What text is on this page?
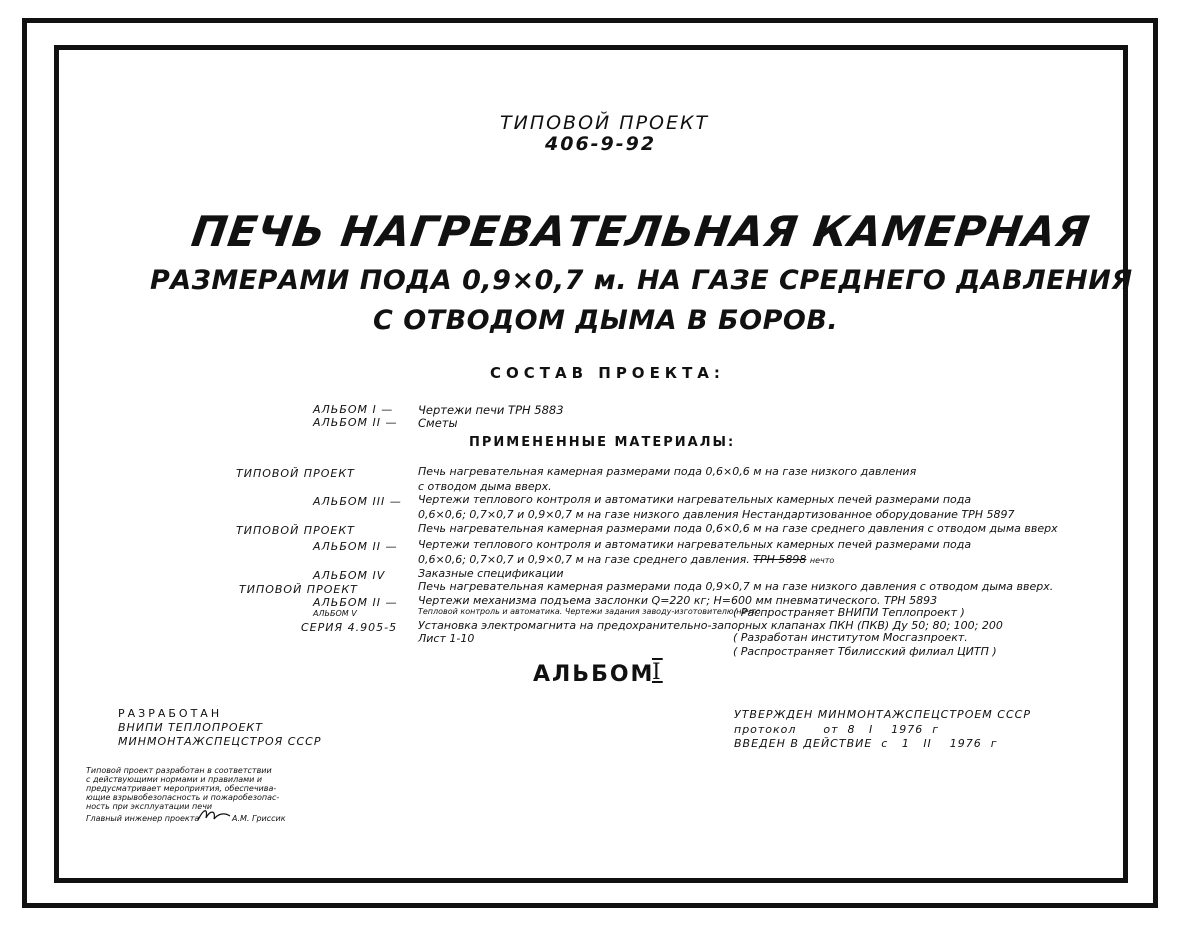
ТИПОВОЙ ПРОЕКТ
406-9-92
ПЕЧЬ НАГРЕВАТЕЛЬНАЯ КАМЕРНАЯ
РАЗМЕРАМИ ПОДА 0,9×0,7 м. НА ГАЗЕ СРЕДНЕГО ДАВЛЕНИЯ
С ОТВОДОМ ДЫМА В БОРОВ.
СОСТАВ ПРОЕКТА:
АЛЬБОМ I — Чертежи печи ТРН 5883
АЛЬБОМ II — Сметы
ПРИМЕНЕННЫЕ МАТЕРИАЛЫ:
ТИПОВОЙ ПРОЕКТ	Печь нагревательная камерная размерами пода 0,6×0,6 м на газе низкого давления
с отводом дыма вверх.
АЛЬБОМ III — Чертежи теплового контроля и автоматики нагревательных камерных печей размерами пода
0,6×0,6; 0,7×0,7 и 0,9×0,7 м на газе низкого давления Нестандартизованное оборудование ТРН 5897
ТИПОВОЙ ПРОЕКТ	Печь нагревательная камерная размерами пода 0,6×0,6 м на газе среднего давления с отводом дыма вверх
АЛЬБОМ II — Чертежи теплового контроля и автоматики нагревательных камерных печей размерами пода
0,6×0,6; 0,7×0,7 и 0,9×0,7 м на газе среднего давления. ТРН 5898 нечто
АЛЬБОМ IV	Заказные спецификации
ТИПОВОЙ ПРОЕКТ	Печь нагревательная камерная размерами пода 0,9×0,7 м на газе низкого давления с отводом дыма вверх.
АЛЬБОМ II — Чертежи механизма подъема заслонки Q=220 кг; H=600 мм пневматического. ТРН 5893
АЛЬБОМ V	Тепловой контроль и автоматика. Чертежи задания заводу-изготовителю нечто
( Распространяет ВНИПИ Теплопроект )
СЕРИЯ 4.905-5 Установка электромагнита на предохранительно-запорных клапанах ПКН (ПКВ) Ду 50; 80; 100; 200
Лист 1-10	( Разработан институтом Мосгазпроект.
( Распространяет Тбилисский филиал ЦИТП )
АЛЬБОМ
I
РАЗРАБОТАН
ВНИПИ ТЕПЛОПРОЕКТ
МИНМОНТАЖСПЕЦСТРОЯ СССР
УТВЕРЖДЕН МИНМОНТАЖСПЕЦСТРОЕМ СССР
протокол      от  8   I    1976  г
ВВЕДЕН В ДЕЙСТВИЕ  с   1   II    1976  г
Типовой проект разработан в соответствии
с действующими нормами и правилами и
предусматривает мероприятия, обеспечива-
ющие взрывобезопасность и пожаробезопас-
ность при эксплуатации печи
Главный инженер проекта	А.М. Гриссик
